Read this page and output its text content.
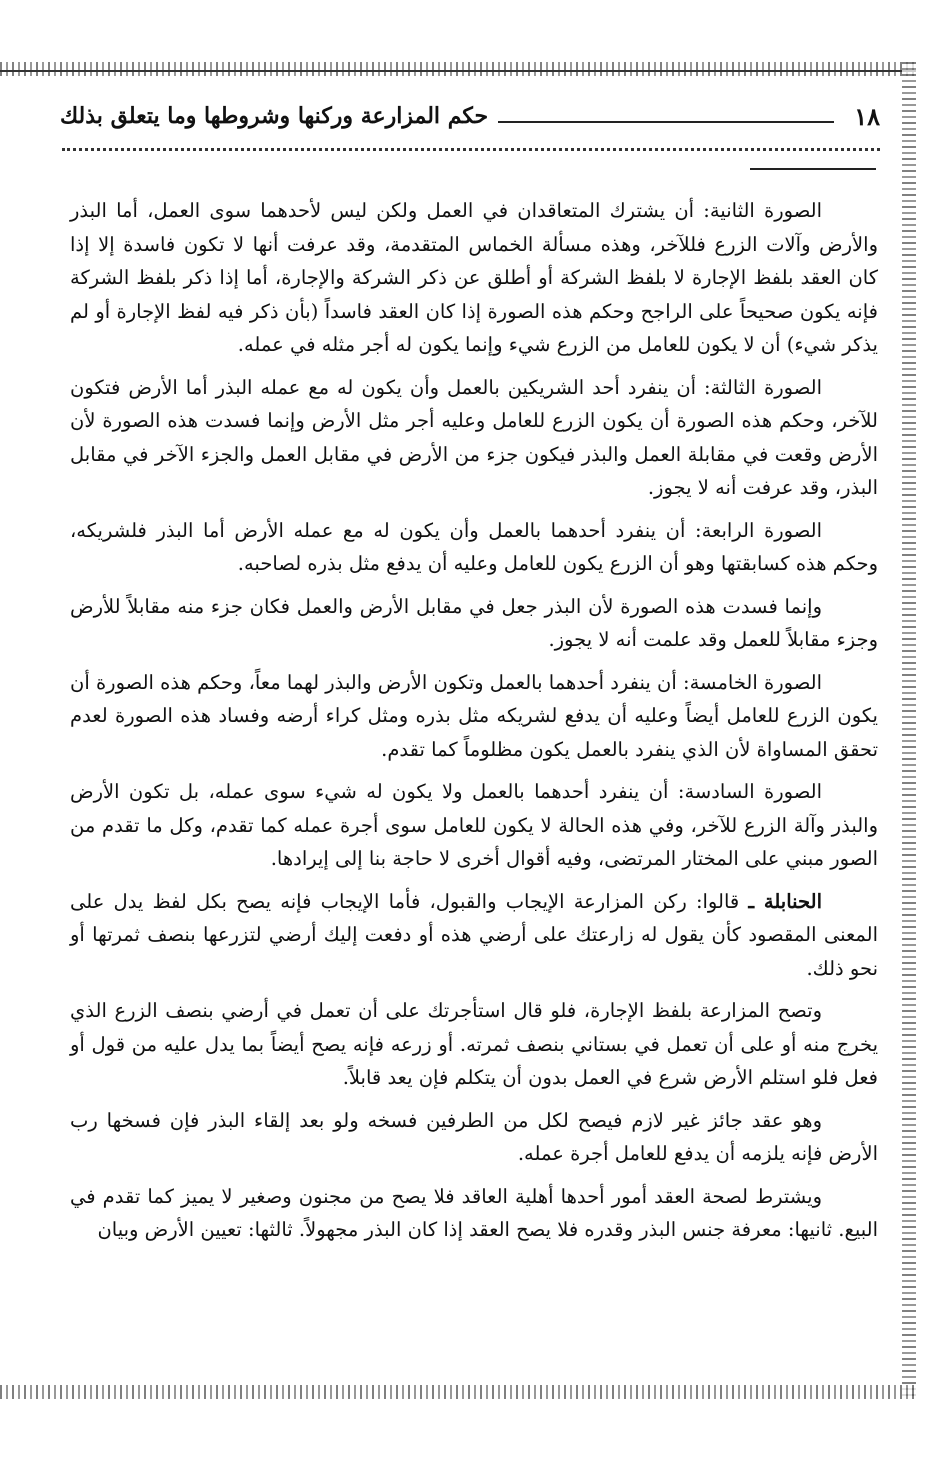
١٨
حكم المزارعة وركنها وشروطها وما يتعلق بذلك

الصورة الثانية: أن يشترك المتعاقدان في العمل ولكن ليس لأحدهما سوى العمل، أما البذر والأرض وآلات الزرع فللآخر، وهذه مسألة الخماس المتقدمة، وقد عرفت أنها لا تكون فاسدة إلا إذا كان العقد بلفظ الإجارة لا بلفظ الشركة أو أطلق عن ذكر الشركة والإجارة، أما إذا ذكر بلفظ الشركة فإنه يكون صحيحاً على الراجح وحكم هذه الصورة إذا كان العقد فاسداً (بأن ذكر فيه لفظ الإجارة أو لم يذكر شيء) أن لا يكون للعامل من الزرع شيء وإنما يكون له أجر مثله في عمله.

الصورة الثالثة: أن ينفرد أحد الشريكين بالعمل وأن يكون له مع عمله البذر أما الأرض فتكون للآخر، وحكم هذه الصورة أن يكون الزرع للعامل وعليه أجر مثل الأرض وإنما فسدت هذه الصورة لأن الأرض وقعت في مقابلة العمل والبذر فيكون جزء من الأرض في مقابل العمل والجزء الآخر في مقابل البذر، وقد عرفت أنه لا يجوز.

الصورة الرابعة: أن ينفرد أحدهما بالعمل وأن يكون له مع عمله الأرض أما البذر فلشريكه، وحكم هذه كسابقتها وهو أن الزرع يكون للعامل وعليه أن يدفع مثل بذره لصاحبه.

وإنما فسدت هذه الصورة لأن البذر جعل في مقابل الأرض والعمل فكان جزء منه مقابلاً للأرض وجزء مقابلاً للعمل وقد علمت أنه لا يجوز.

الصورة الخامسة: أن ينفرد أحدهما بالعمل وتكون الأرض والبذر لهما معاً، وحكم هذه الصورة أن يكون الزرع للعامل أيضاً وعليه أن يدفع لشريكه مثل بذره ومثل كراء أرضه وفساد هذه الصورة لعدم تحقق المساواة لأن الذي ينفرد بالعمل يكون مظلوماً كما تقدم.

الصورة السادسة: أن ينفرد أحدهما بالعمل ولا يكون له شيء سوى عمله، بل تكون الأرض والبذر وآلة الزرع للآخر، وفي هذه الحالة لا يكون للعامل سوى أجرة عمله كما تقدم، وكل ما تقدم من الصور مبني على المختار المرتضى، وفيه أقوال أخرى لا حاجة بنا إلى إيرادها.

الحنابلة ـ قالوا: ركن المزارعة الإيجاب والقبول، فأما الإيجاب فإنه يصح بكل لفظ يدل على المعنى المقصود كأن يقول له زارعتك على أرضي هذه أو دفعت إليك أرضي لتزرعها بنصف ثمرتها أو نحو ذلك.

وتصح المزارعة بلفظ الإجارة، فلو قال استأجرتك على أن تعمل في أرضي بنصف الزرع الذي يخرج منه أو على أن تعمل في بستاني بنصف ثمرته. أو زرعه فإنه يصح أيضاً بما يدل عليه من قول أو فعل فلو استلم الأرض شرع في العمل بدون أن يتكلم فإن يعد قابلاً.

وهو عقد جائز غير لازم فيصح لكل من الطرفين فسخه ولو بعد إلقاء البذر فإن فسخها رب الأرض فإنه يلزمه أن يدفع للعامل أجرة عمله.

ويشترط لصحة العقد أمور أحدها أهلية العاقد فلا يصح من مجنون وصغير لا يميز كما تقدم في البيع. ثانيها: معرفة جنس البذر وقدره فلا يصح العقد إذا كان البذر مجهولاً. ثالثها: تعيين الأرض وبيان
